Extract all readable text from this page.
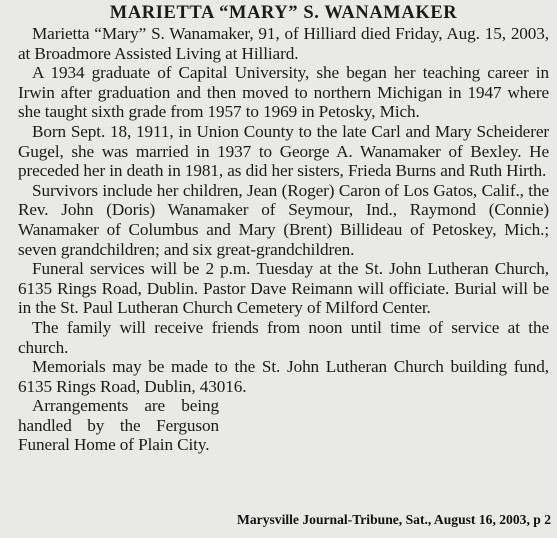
MARIETTA “MARY” S. WANAMAKER

Marietta “Mary” S. Wanamaker, 91, of Hilliard died Friday, Aug. 15, 2003, at Broadmore Assisted Living at Hilliard.

A 1934 graduate of Capital University, she began her teaching career in Irwin after graduation and then moved to northern Michigan in 1947 where she taught sixth grade from 1957 to 1969 in Petosky, Mich.

Born Sept. 18, 1911, in Union County to the late Carl and Mary Scheiderer Gugel, she was married in 1937 to George A. Wanamaker of Bexley. He preceded her in death in 1981, as did her sisters, Frieda Burns and Ruth Hirth.

Survivors include her children, Jean (Roger) Caron of Los Gatos, Calif., the Rev. John (Doris) Wanamaker of Seymour, Ind., Raymond (Connie) Wanamaker of Columbus and Mary (Brent) Billideau of Petoskey, Mich.; seven grandchildren; and six great-grandchildren.

Funeral services will be 2 p.m. Tuesday at the St. John Lutheran Church, 6135 Rings Road, Dublin. Pastor Dave Reimann will officiate. Burial will be in the St. Paul Lutheran Church Cemetery of Milford Center.

The family will receive friends from noon until time of service at the church.

Memorials may be made to the St. John Lutheran Church building fund, 6135 Rings Road, Dublin, 43016.

Arrangements are being handled by the Ferguson Funeral Home of Plain City.

Marysville Journal-Tribune, Sat., August 16, 2003, p 2
